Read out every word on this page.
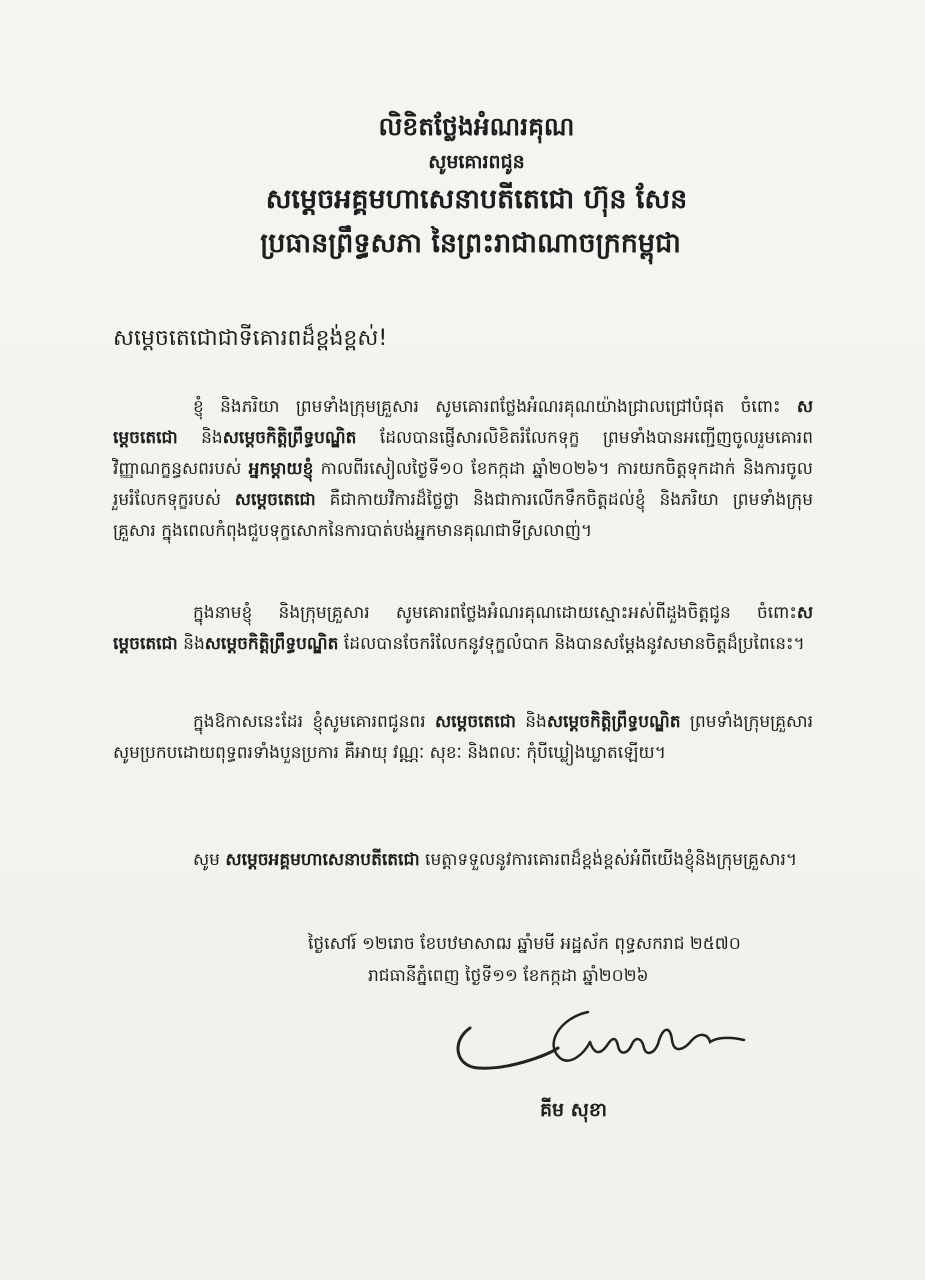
លិខិតថ្លែងអំណរគុណ
សូមគោរពជូន
សម្តេចអគ្គមហាសេនាបតីតេជោ ហ៊ុន សែន
ប្រធានព្រឹទ្ធសភា នៃព្រះរាជាណាចក្រកម្ពុជា
សម្តេចតេជោជាទីគោរពដ៏ខ្ពង់ខ្ពស់!
ខ្ញុំ និងភរិយា ព្រមទាំងក្រុមគ្រួសារ សូមគោរពថ្លែងអំណរគុណយ៉ាងជ្រាលជ្រៅបំផុត ចំពោះ សម្តេចតេជោ និងសម្តេចកិត្តិព្រឹទ្ធបណ្ឌិត ដែលបានផ្ញើសារលិខិតរំលែកទុក្ខ ព្រមទាំងបានអញ្ជើញចូលរួមគោរពវិញ្ញាណក្ខន្ធសពរបស់ អ្នកម្តាយខ្ញុំ កាលពីរសៀលថ្ងៃទី១០ ខែកក្កដា ឆ្នាំ២០២៦។ ការយកចិត្តទុកដាក់ និងការចូលរួមរំលែកទុក្ខរបស់ សម្តេចតេជោ គឺជាកាយវិការដ៏ថ្លៃថ្លា និងជាការលើកទឹកចិត្តដល់ខ្ញុំ និងភរិយា ព្រមទាំងក្រុមគ្រួសារ ក្នុងពេលកំពុងជួបទុក្ខសោកនៃការបាត់បង់អ្នកមានគុណជាទីស្រលាញ់។
ក្នុងនាមខ្ញុំ និងក្រុមគ្រួសារ សូមគោរពថ្លែងអំណរគុណដោយស្មោះអស់ពីដួងចិត្តជូន ចំពោះសម្តេចតេជោ និងសម្តេចកិត្តិព្រឹទ្ធបណ្ឌិត ដែលបានចែករំលែកនូវទុក្ខលំបាក និងបានសម្តែងនូវសមានចិត្តដ៏ប្រពៃនេះ។
ក្នុងឱកាសនេះដែរ ខ្ញុំសូមគោរពជូនពរ សម្តេចតេជោ និងសម្តេចកិត្តិព្រឹទ្ធបណ្ឌិត ព្រមទាំងក្រុមគ្រួសារ សូមប្រកបដោយពុទ្ធពរទាំងបួនប្រការ គឺអាយុ វណ្ណៈ សុខៈ និងពលៈ កុំបីឃ្លៀងឃ្លាតឡើយ។
សូម សម្តេចអគ្គមហាសេនាបតីតេជោ មេត្តាទទួលនូវការគោរពដ៏ខ្ពង់ខ្ពស់អំពីយើងខ្ញុំនិងក្រុមគ្រួសារ។
ថ្ងៃសៅរ៍ ១២រោច ខែបឋមាសាឍ ឆ្នាំមមី អដ្ឋស័ក ពុទ្ធសករាជ ២៥៧០
រាជធានីភ្នំពេញ ថ្ងៃទី១១ ខែកក្កដា ឆ្នាំ២០២៦
គីម សុខា
